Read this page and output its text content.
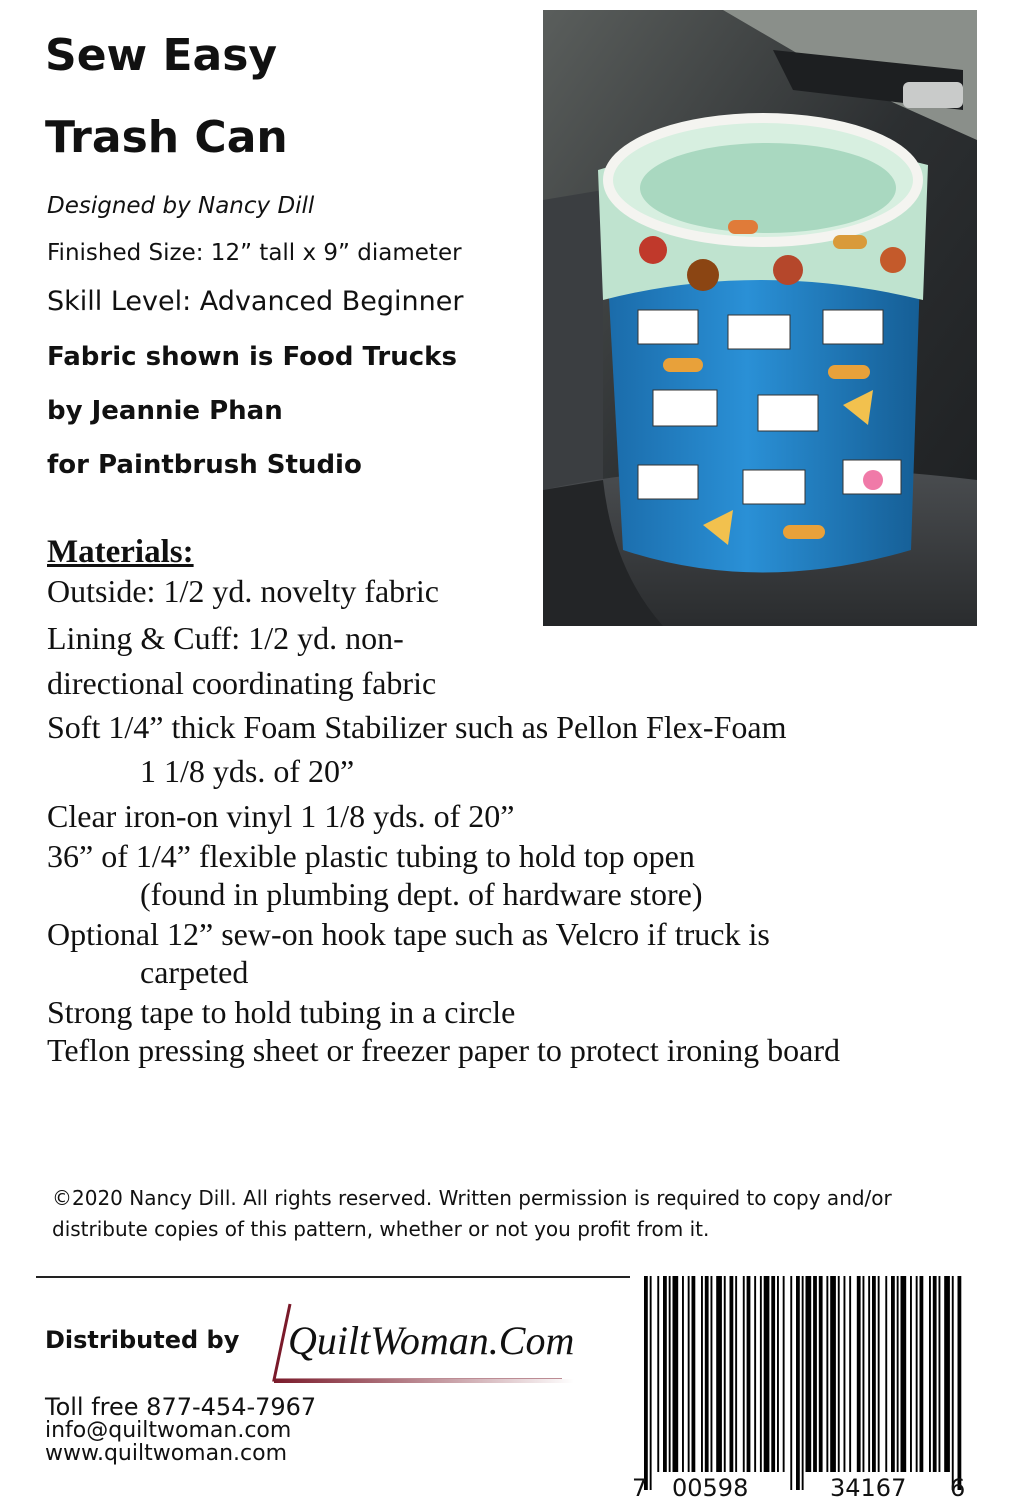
Sew Easy
Trash Can
Designed by Nancy Dill
Finished Size: 12” tall x 9” diameter
Skill Level: Advanced Beginner
Fabric shown is Food Trucks
by Jeannie Phan
for Paintbrush Studio
Materials:
Outside: 1/2 yd. novelty fabric
Lining & Cuff: 1/2 yd. non-
directional coordinating fabric
Soft 1/4” thick Foam Stabilizer such as Pellon Flex-Foam
1 1/8 yds. of 20”
Clear iron-on vinyl 1 1/8 yds. of 20”
36” of 1/4” flexible plastic tubing to hold top open
(found in plumbing dept. of hardware store)
Optional 12” sew-on hook tape such as Velcro if truck is
carpeted
Strong tape to hold tubing in a circle
Teflon pressing sheet or freezer paper to protect ironing board
©2020 Nancy Dill. All rights reserved. Written permission is required to copy and/or distribute copies of this pattern, whether or not you profit from it.
Distributed by QuiltWoman.Com
Toll free 877-454-7967
info@quiltwoman.com
www.quiltwoman.com
7 00598	34167 6
